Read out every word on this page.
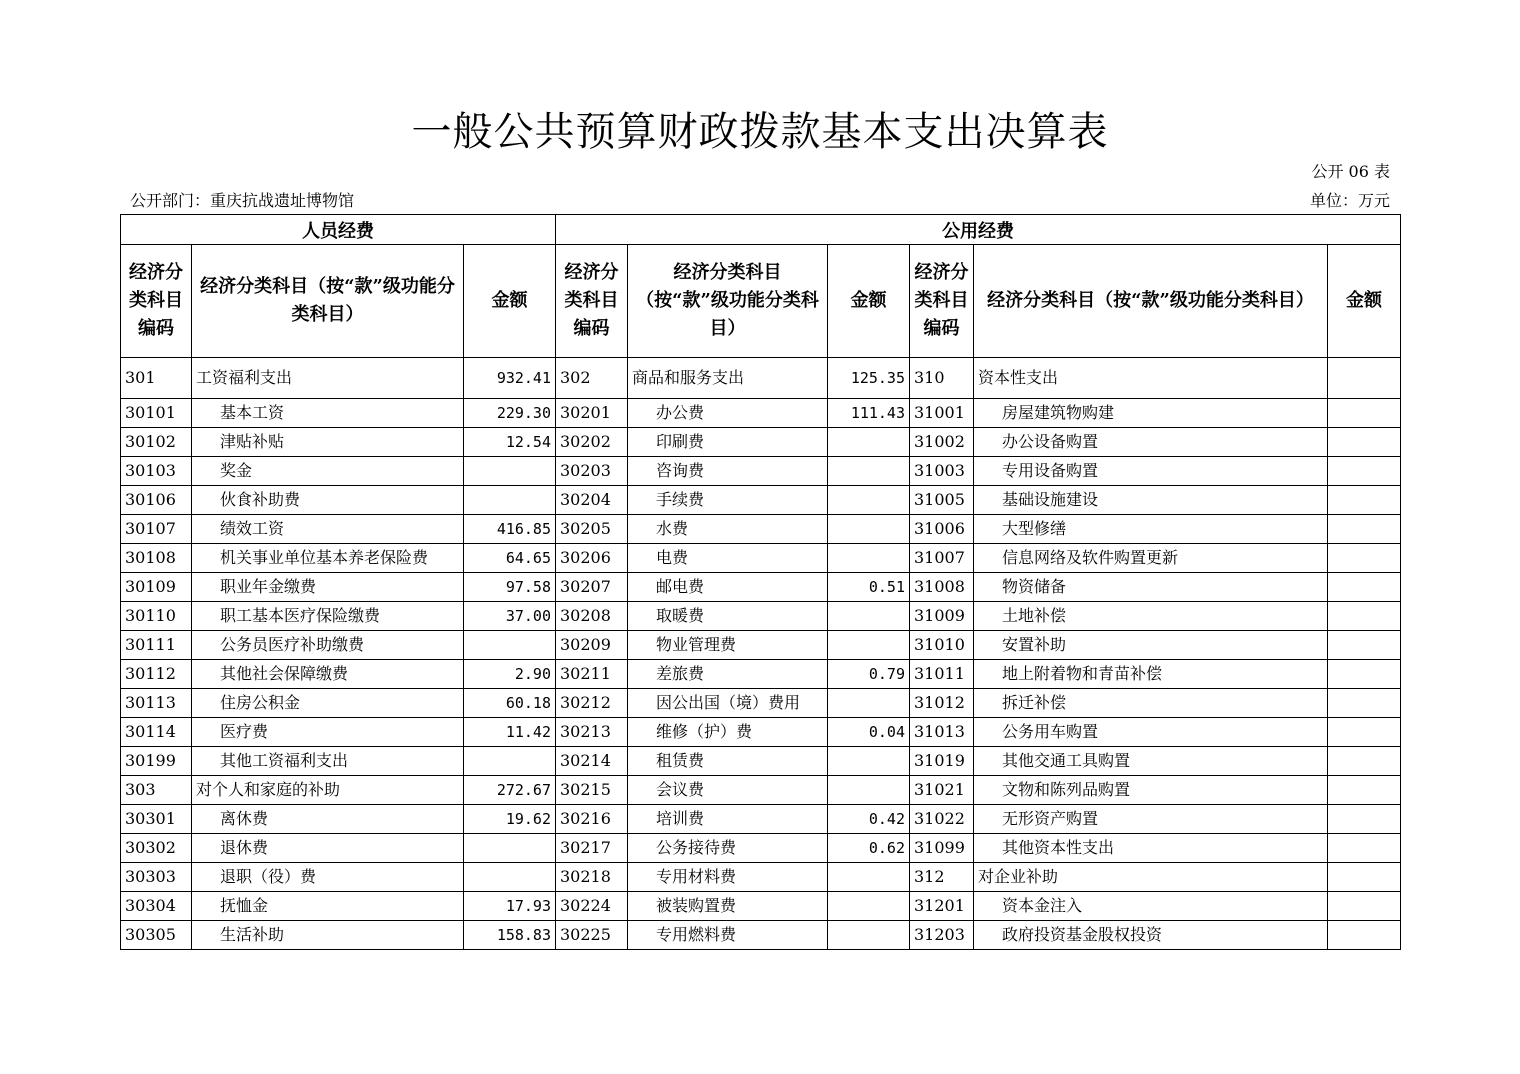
一般公共预算财政拨款基本支出决算表
公开 06 表
公开部门：重庆抗战遗址博物馆	单位：万元
人员经费			公用经费					
经济分类科目编码	经济分类科目（按“款”级功能分类科目）	金额	经济分类科目编码	经济分类科目（按“款”级功能分类科目）	金额	经济分类科目编码	经济分类科目（按“款”级功能分类科目）	金额
301	工资福利支出	932.41	302	商品和服务支出	125.35	310	资本性支出	
30101	基本工资	229.30	30201	办公费	111.43	31001	房屋建筑物购建	
30102	津贴补贴	12.54	30202	印刷费		31002	办公设备购置	
30103	奖金		30203	咨询费		31003	专用设备购置	
30106	伙食补助费		30204	手续费		31005	基础设施建设	
30107	绩效工资	416.85	30205	水费		31006	大型修缮	
30108	机关事业单位基本养老保险费	64.65	30206	电费		31007	信息网络及软件购置更新	
30109	职业年金缴费	97.58	30207	邮电费	0.51	31008	物资储备	
30110	职工基本医疗保险缴费	37.00	30208	取暖费		31009	土地补偿	
30111	公务员医疗补助缴费		30209	物业管理费		31010	安置补助	
30112	其他社会保障缴费	2.90	30211	差旅费	0.79	31011	地上附着物和青苗补偿	
30113	住房公积金	60.18	30212	因公出国（境）费用		31012	拆迁补偿	
30114	医疗费	11.42	30213	维修（护）费	0.04	31013	公务用车购置	
30199	其他工资福利支出		30214	租赁费		31019	其他交通工具购置	
303	对个人和家庭的补助	272.67	30215	会议费		31021	文物和陈列品购置	
30301	离休费	19.62	30216	培训费	0.42	31022	无形资产购置	
30302	退休费		30217	公务接待费	0.62	31099	其他资本性支出	
30303	退职（役）费		30218	专用材料费		312	对企业补助	
30304	抚恤金	17.93	30224	被装购置费		31201	资本金注入	
30305	生活补助	158.83	30225	专用燃料费		31203	政府投资基金股权投资	
